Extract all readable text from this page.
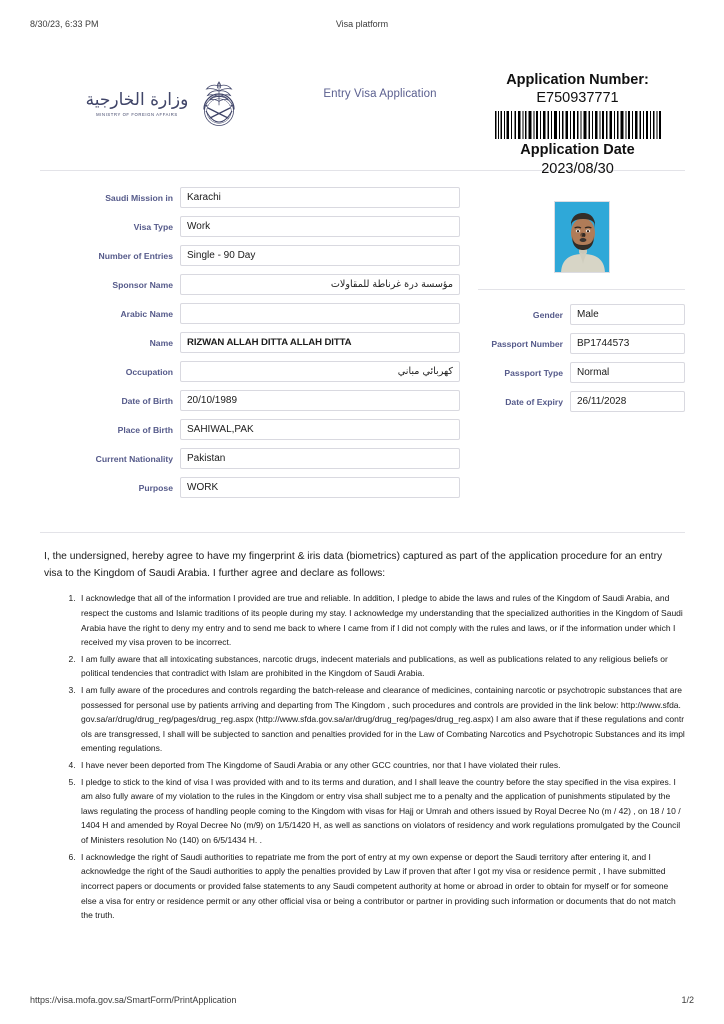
8/30/23, 6:33 PM	Visa platform
وزارة الخارجية
MINISTRY OF FOREIGN AFFAIRS
Entry Visa Application
Application Number:
E750937771
Application Date
2023/08/30
Saudi Mission in	Karachi
Visa Type	Work
Number of Entries	Single - 90 Day
Sponsor Name	مؤسسة درة غرناطة للمقاولات
Arabic Name
Name	RIZWAN ALLAH DITTA ALLAH DITTA
Occupation	كهربائي مباني
Date of Birth	20/10/1989
Place of Birth	SAHIWAL,PAK
Current Nationality	Pakistan
Purpose	WORK
Gender	Male
Passport Number	BP1744573
Passport Type	Normal
Date of Expiry	26/11/2028
I, the undersigned, hereby agree to have my fingerprint & iris data (biometrics) captured as part of the application procedure for an entry visa to the Kingdom of Saudi Arabia. I further agree and declare as follows:
1. I acknowledge that all of the information I provided are true and reliable. In addition, I pledge to abide the laws and rules of the Kingdom of Saudi Arabia, and respect the customs and Islamic traditions of its people during my stay. I acknowledge my understanding that the specialized authorities in the Kingdom of Saudi Arabia have the right to deny my entry and to send me back to where I came from if I did not comply with the rules and laws, or if the information under which I received my visa proven to be incorrect.
2. I am fully aware that all intoxicating substances, narcotic drugs, indecent materials and publications, as well as publications related to any religious beliefs or political tendencies that contradict with Islam are prohibited in the Kingdom of Saudi Arabia.
3. I am fully aware of the procedures and controls regarding the batch-release and clearance of medicines, containing narcotic or psychotropic substances that are possessed for personal use by patients arriving and departing from The Kingdom , such procedures and controls are provided in the link below: http://www.sfda.gov.sa/ar/drug/drug_reg/pages/drug_reg.aspx (http://www.sfda.gov.sa/ar/drug/drug_reg/pages/drug_reg.aspx) I am also aware that if these regulations and controls are transgressed, I shall will be subjected to sanction and penalties provided for in the Law of Combating Narcotics and Psychotropic Substances and its implementing regulations.
4. I have never been deported from The Kingdome of Saudi Arabia or any other GCC countries, nor that I have violated their rules.
5. I pledge to stick to the kind of visa I was provided with and to its terms and duration, and I shall leave the country before the stay specified in the visa expires. I am also fully aware of my violation to the rules in the Kingdom or entry visa shall subject me to a penalty and the application of punishments stipulated by the laws regulating the process of handling people coming to the Kingdom with visas for Hajj or Umrah and others issued by Royal Decree No (m / 42) , on 18 / 10 / 1404 H and amended by Royal Decree No (m/9) on 1/5/1420 H, as well as sanctions on violators of residency and work regulations promulgated by the Council of Ministers resolution No (140) on 6/5/1434 H. .
6. I acknowledge the right of Saudi authorities to repatriate me from the port of entry at my own expense or deport the Saudi territory after entering it, and I acknowledge the right of the Saudi authorities to apply the penalties provided by Law if proven that after I got my visa or residence permit , I have submitted incorrect papers or documents or provided false statements to any Saudi competent authority at home or abroad in order to obtain for myself or for someone else a visa for entry or residence permit or any other official visa or being a contributor or partner in providing such information or documents that do not match the truth.
https://visa.mofa.gov.sa/SmartForm/PrintApplication	1/2
